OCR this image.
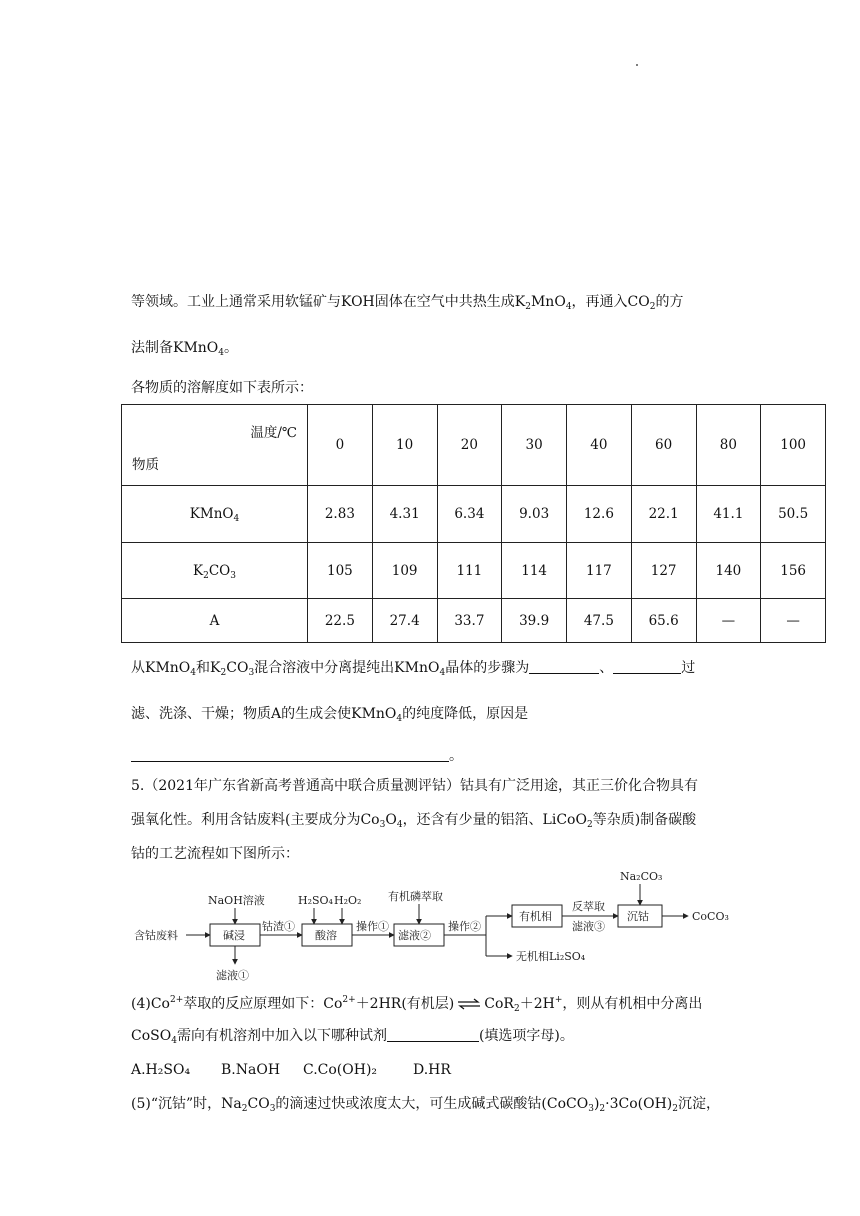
等领域。工业上通常采用软锰矿与KOH固体在空气中共热生成$K_2MnO_4$，再通入$CO_2$的方
法制备KMnO$_4$。
各物质的溶解度如下表所示：
温度/℃
物质	0	10	20	30	40	60	80	100
KMnO$_4$	2.83	4.31	6.34	9.03	12.6	22.1	41.1	50.5
$K_2CO_3$	105	109	111	114	117	127	140	156
A	22.5	27.4	33.7	39.9	47.5	65.6	—	—
从KMnO$_4$和$K_2CO_3$混合溶液中分离提纯出KMnO$_4$晶体的步骤为	、	过
滤、洗涤、干燥；物质A的生成会使KMnO$_4$的纯度降低，原因是
。
5.（2021年广东省新高考普通高中联合质量测评钴）钴具有广泛用途，其正三价化合物具有
强氧化性。利用含钴废料(主要成分为$Co_3O_4$，还含有少量的铝箔、LiCoO$_2$等杂质)制备碳酸
钴的工艺流程如下图所示：
含钴废料
NaOH溶液
碱浸
滤液①
钴渣①
H₂SO₄ H₂O₂
酸溶
操作①
有机磷萃取
滤液②
操作②
有机相
无机相Li₂SO₄
反萃取
滤液③
Na₂CO₃
沉钴	CoCO₃
$(4)Co^{2+}$萃取的反应原理如下：$Co^{2+}+2HR$(有机层) ⇌ CoR$_2$＋2H+，则从有机相中分离出
CoSO$_4$需向有机溶剂中加入以下哪种试剂	(填选项字母)。
A.H₂SO₄ B.NaOH C.Co(OH)₂	D.HR
(5)“沉钴”时，$Na_2CO_3$的滴速过快或浓度太大，可生成碱式碳酸钴$(CoCO_3)_2\cdot 3Co(OH)_2$沉淀，
